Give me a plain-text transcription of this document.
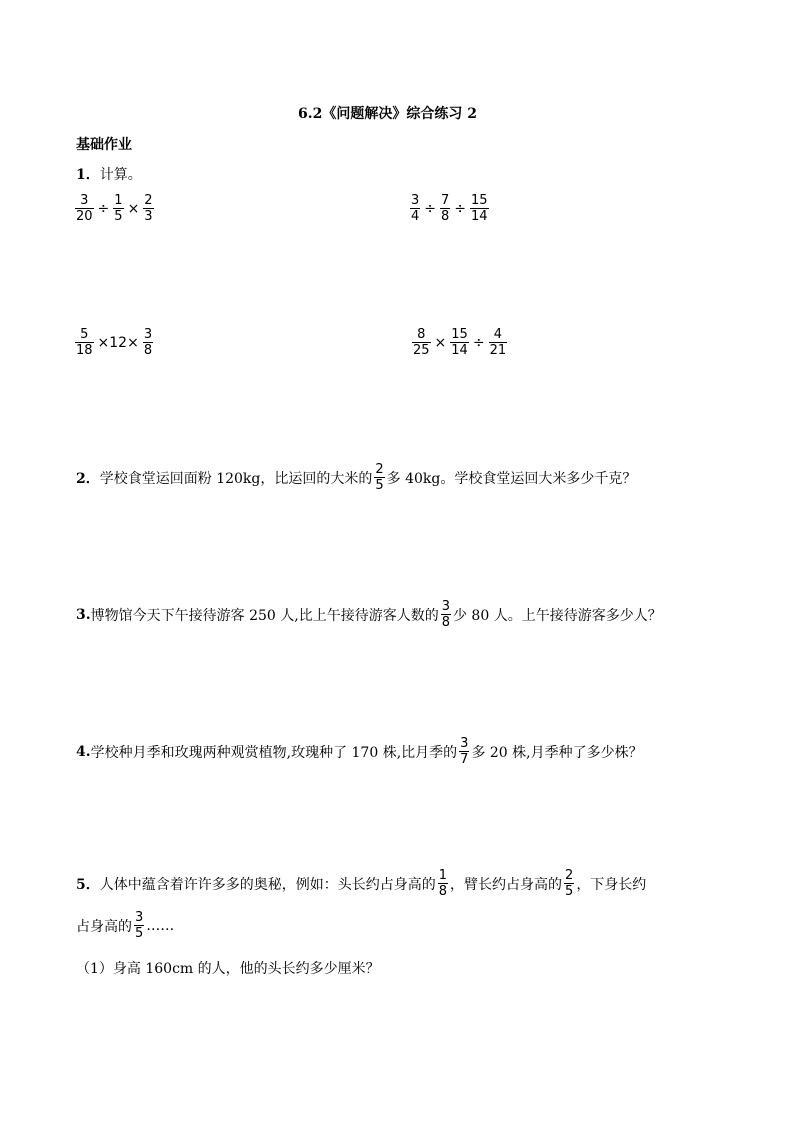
6.2《问题解决》综合练习 2
基础作业
1． 计算。
$\frac{3}{20} \div \frac{1}{5} \times \frac{2}{3}$	$\frac{3}{4} \div \frac{7}{8} \div \frac{15}{14}$
$\frac{5}{18} \times 12\times \frac{3}{8}$	$\frac{8}{25} \times \frac{15}{14} \div \frac{4}{21}$
2． 学校食堂运回面粉 120kg，比运回的大米的 $\frac{2}{5}$ 多 40kg。学校食堂运回大米多少千克？
3. 博物馆今天下午接待游客 250 人,比上午接待游客人数的 $\frac{3}{8}$ 少 80 人。上午接待游客多少人？
4. 学校种月季和玫瑰两种观赏植物,玫瑰种了 170 株,比月季的 $\frac{3}{7}$ 多 20 株,月季种了多少株？
5． 人体中蕴含着许许多多的奥秘，例如：头长约占身高的 $\frac{1}{8}$ ，臂长约占身高的 $\frac{2}{5}$ ，下身长约
占身高的 $\frac{3}{5}$ ……
（1）身高 160cm 的人，他的头长约多少厘米？
